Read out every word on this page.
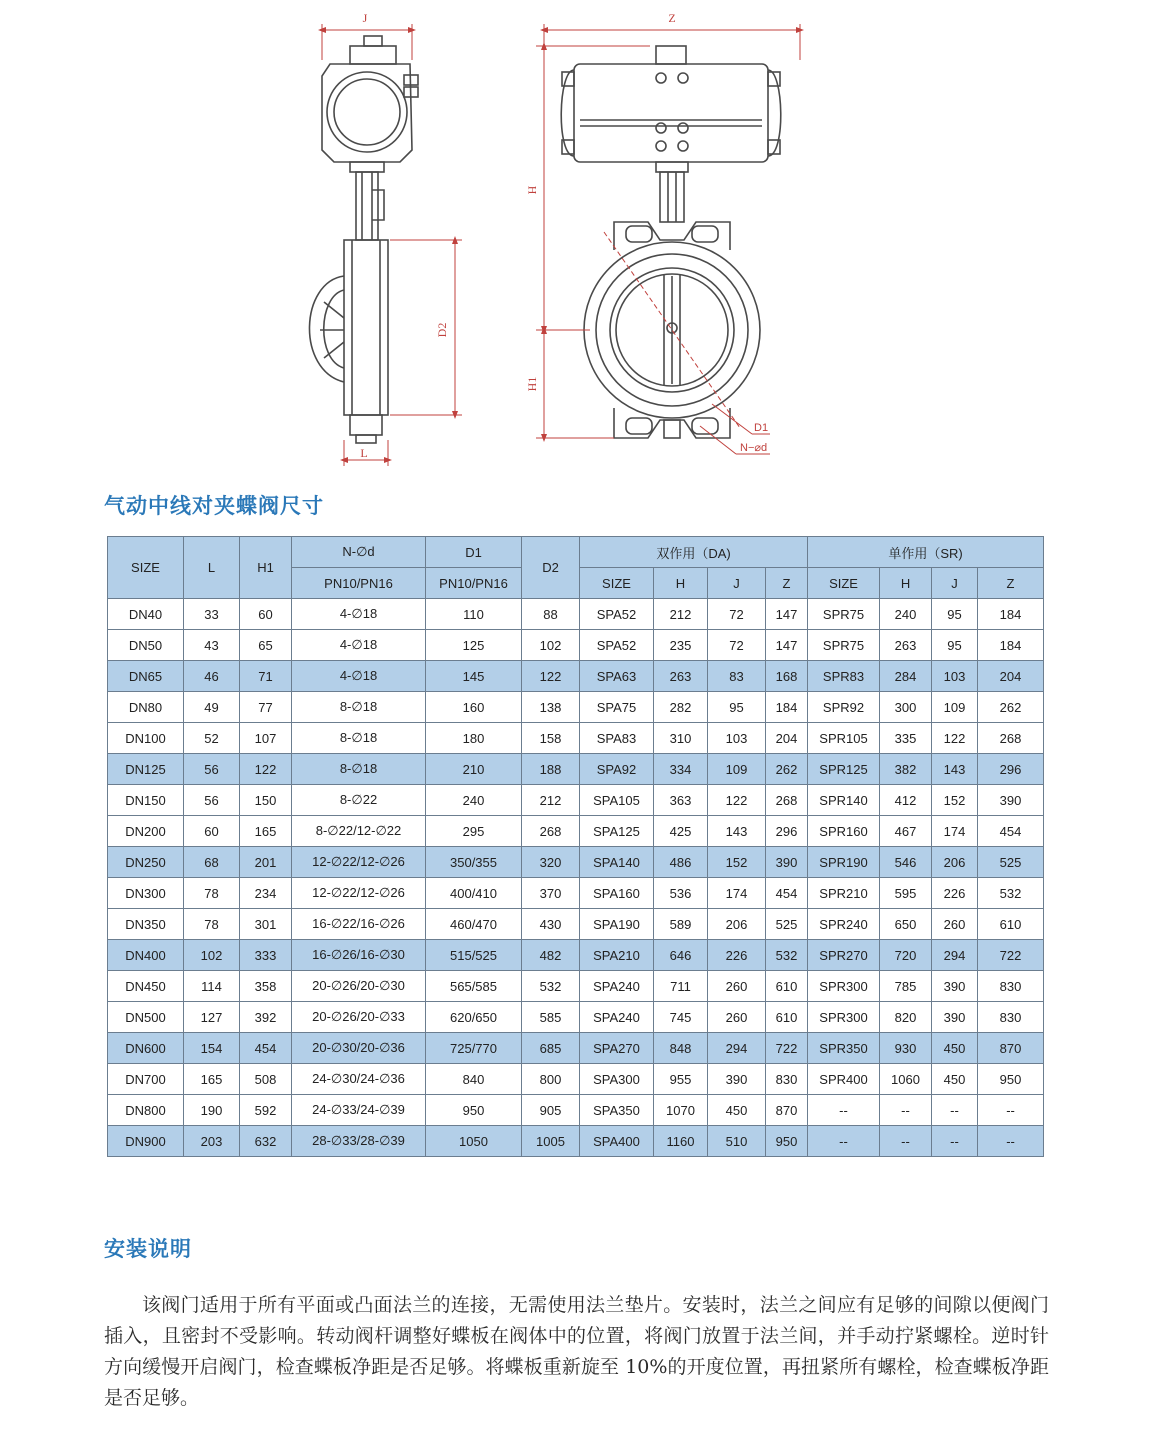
J
L
D2
Z
H
H1
D1
N−⌀d
气动中线对夹蝶阀尺寸
SIZE	L	H1	N-∅d	D1	D2	双作用（DA)				单作用（SR)			
			PN10/PN16	PN10/PN16		SIZE	H	J	Z	SIZE	H	J	Z
DN40	33	60	4-∅18	110	88	SPA52	212	72	147	SPR75	240	95	184
DN50	43	65	4-∅18	125	102	SPA52	235	72	147	SPR75	263	95	184
DN65	46	71	4-∅18	145	122	SPA63	263	83	168	SPR83	284	103	204
DN80	49	77	8-∅18	160	138	SPA75	282	95	184	SPR92	300	109	262
DN100	52	107	8-∅18	180	158	SPA83	310	103	204	SPR105	335	122	268
DN125	56	122	8-∅18	210	188	SPA92	334	109	262	SPR125	382	143	296
DN150	56	150	8-∅22	240	212	SPA105	363	122	268	SPR140	412	152	390
DN200	60	165	8-∅22/12-∅22	295	268	SPA125	425	143	296	SPR160	467	174	454
DN250	68	201	12-∅22/12-∅26	350/355	320	SPA140	486	152	390	SPR190	546	206	525
DN300	78	234	12-∅22/12-∅26	400/410	370	SPA160	536	174	454	SPR210	595	226	532
DN350	78	301	16-∅22/16-∅26	460/470	430	SPA190	589	206	525	SPR240	650	260	610
DN400	102	333	16-∅26/16-∅30	515/525	482	SPA210	646	226	532	SPR270	720	294	722
DN450	114	358	20-∅26/20-∅30	565/585	532	SPA240	711	260	610	SPR300	785	390	830
DN500	127	392	20-∅26/20-∅33	620/650	585	SPA240	745	260	610	SPR300	820	390	830
DN600	154	454	20-∅30/20-∅36	725/770	685	SPA270	848	294	722	SPR350	930	450	870
DN700	165	508	24-∅30/24-∅36	840	800	SPA300	955	390	830	SPR400	1060	450	950
DN800	190	592	24-∅33/24-∅39	950	905	SPA350	1070	450	870	--	--	--	--
DN900	203	632	28-∅33/28-∅39	1050	1005	SPA400	1160	510	950	--	--	--	--
安装说明

该阀门适用于所有平面或凸面法兰的连接，无需使用法兰垫片。安装时，法兰之间应有足够的间隙以便阀门插入，且密封不受影响。转动阀杆调整好蝶板在阀体中的位置，将阀门放置于法兰间，并手动拧紧螺栓。逆时针方向缓慢开启阀门，检查蝶板净距是否足够。将蝶板重新旋至 10%的开度位置，再扭紧所有螺栓，检查蝶板净距是否足够。
